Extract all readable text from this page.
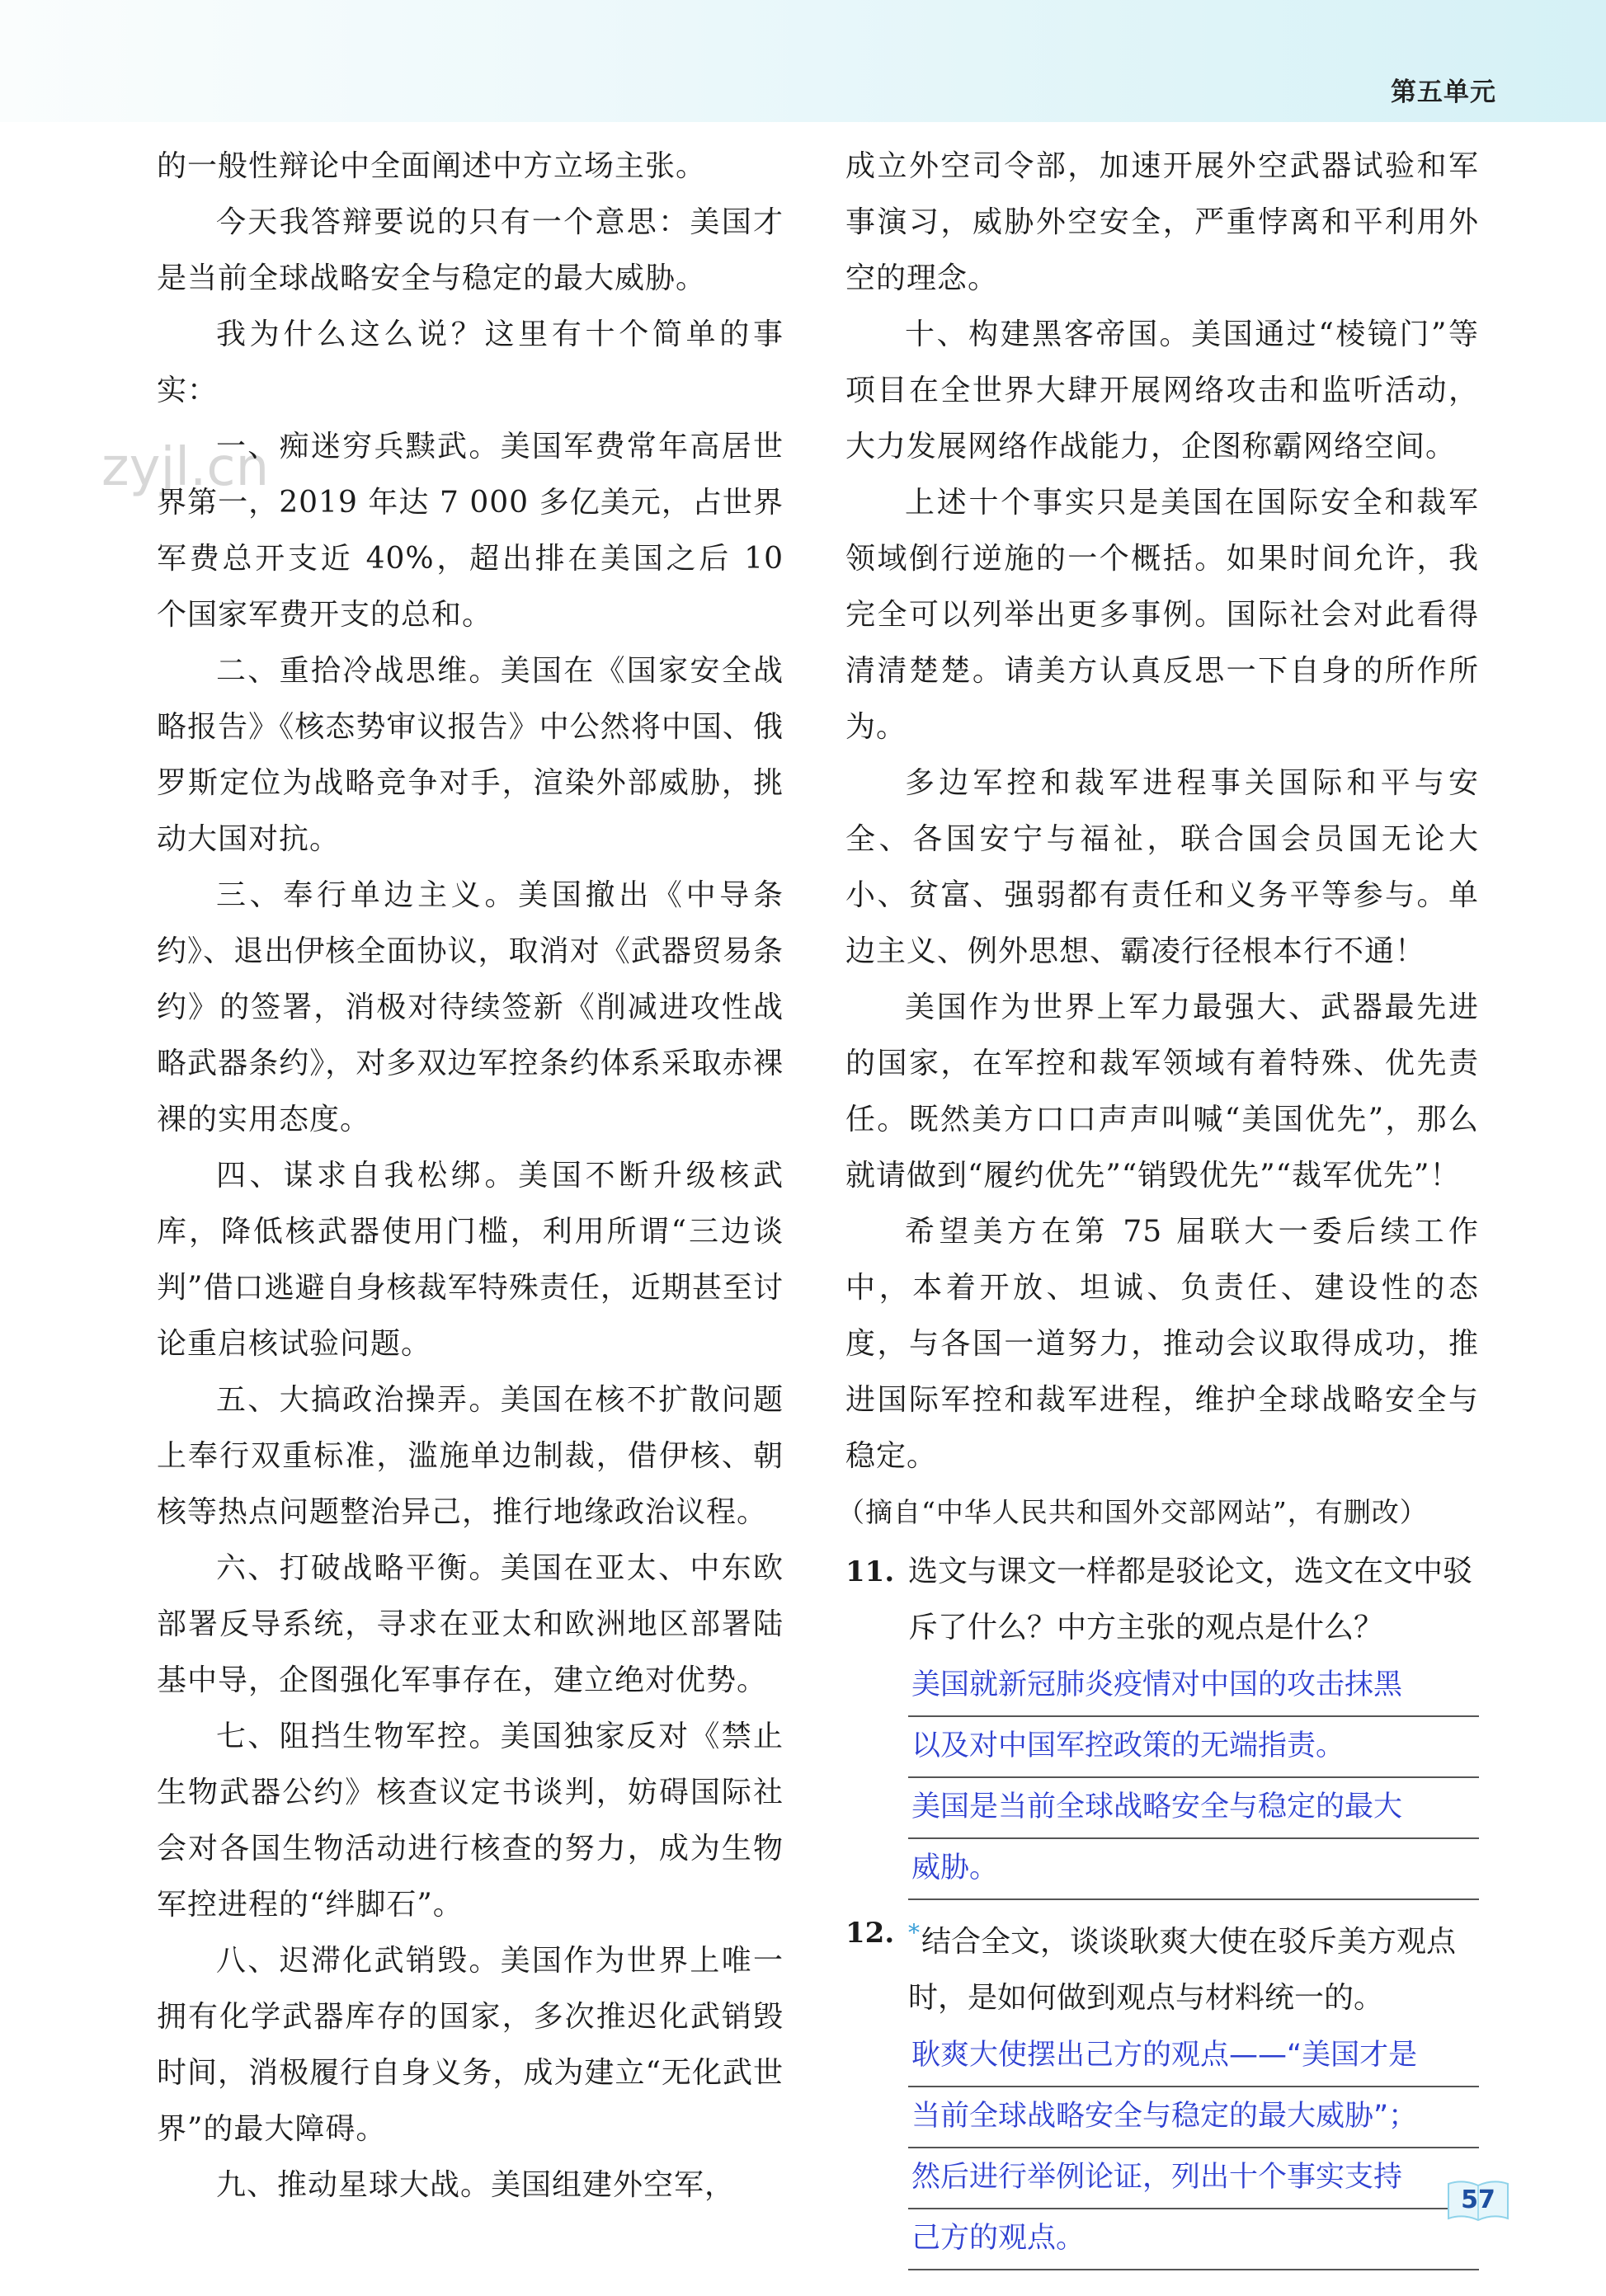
第五单元
zyjl.cn

的一般性辩论中全面阐述中方立场主张。

今天我答辩要说的只有一个意思：美国才是当前全球战略安全与稳定的最大威胁。

我为什么这么说？这里有十个简单的事实：

一、痴迷穷兵黩武。美国军费常年高居世界第一，2019 年达 7 000 多亿美元，占世界军费总开支近 40%，超出排在美国之后 10 个国家军费开支的总和。

二、重拾冷战思维。美国在《国家安全战略报告》《核态势审议报告》中公然将中国、俄罗斯定位为战略竞争对手，渲染外部威胁，挑动大国对抗。

三、奉行单边主义。美国撤出《中导条约》、退出伊核全面协议，取消对《武器贸易条约》的签署，消极对待续签新《削减进攻性战略武器条约》，对多双边军控条约体系采取赤裸裸的实用态度。

四、谋求自我松绑。美国不断升级核武库，降低核武器使用门槛，利用所谓“三边谈判”借口逃避自身核裁军特殊责任，近期甚至讨论重启核试验问题。

五、大搞政治操弄。美国在核不扩散问题上奉行双重标准，滥施单边制裁，借伊核、朝核等热点问题整治异己，推行地缘政治议程。

六、打破战略平衡。美国在亚太、中东欧部署反导系统，寻求在亚太和欧洲地区部署陆基中导，企图强化军事存在，建立绝对优势。

七、阻挡生物军控。美国独家反对《禁止生物武器公约》核查议定书谈判，妨碍国际社会对各国生物活动进行核查的努力，成为生物军控进程的“绊脚石”。

八、迟滞化武销毁。美国作为世界上唯一拥有化学武器库存的国家，多次推迟化武销毁时间，消极履行自身义务，成为建立“无化武世界”的最大障碍。

九、推动星球大战。美国组建外空军，

成立外空司令部，加速开展外空武器试验和军事演习，威胁外空安全，严重悖离和平利用外空的理念。

十、构建黑客帝国。美国通过“棱镜门”等项目在全世界大肆开展网络攻击和监听活动，大力发展网络作战能力，企图称霸网络空间。

上述十个事实只是美国在国际安全和裁军领域倒行逆施的一个概括。如果时间允许，我完全可以列举出更多事例。国际社会对此看得清清楚楚。请美方认真反思一下自身的所作所为。

多边军控和裁军进程事关国际和平与安全、各国安宁与福祉，联合国会员国无论大小、贫富、强弱都有责任和义务平等参与。单边主义、例外思想、霸凌行径根本行不通！

美国作为世界上军力最强大、武器最先进的国家，在军控和裁军领域有着特殊、优先责任。既然美方口口声声叫喊“美国优先”，那么就请做到“履约优先”“销毁优先”“裁军优先”！

希望美方在第 75 届联大一委后续工作中，本着开放、坦诚、负责任、建设性的态度，与各国一道努力，推动会议取得成功，推进国际军控和裁军进程，维护全球战略安全与稳定。

（摘自“中华人民共和国外交部网站”，有删改）

11. 选文与课文一样都是驳论文，选文在文中驳斥了什么？中方主张的观点是什么？
美国就新冠肺炎疫情对中国的攻击抹黑
以及对中国军控政策的无端指责。
美国是当前全球战略安全与稳定的最大
威胁。
12. *结合全文，谈谈耿爽大使在驳斥美方观点时，是如何做到观点与材料统一的。
耿爽大使摆出己方的观点——“美国才是
当前全球战略安全与稳定的最大威胁”；
然后进行举例论证，列出十个事实支持
己方的观点。
57
